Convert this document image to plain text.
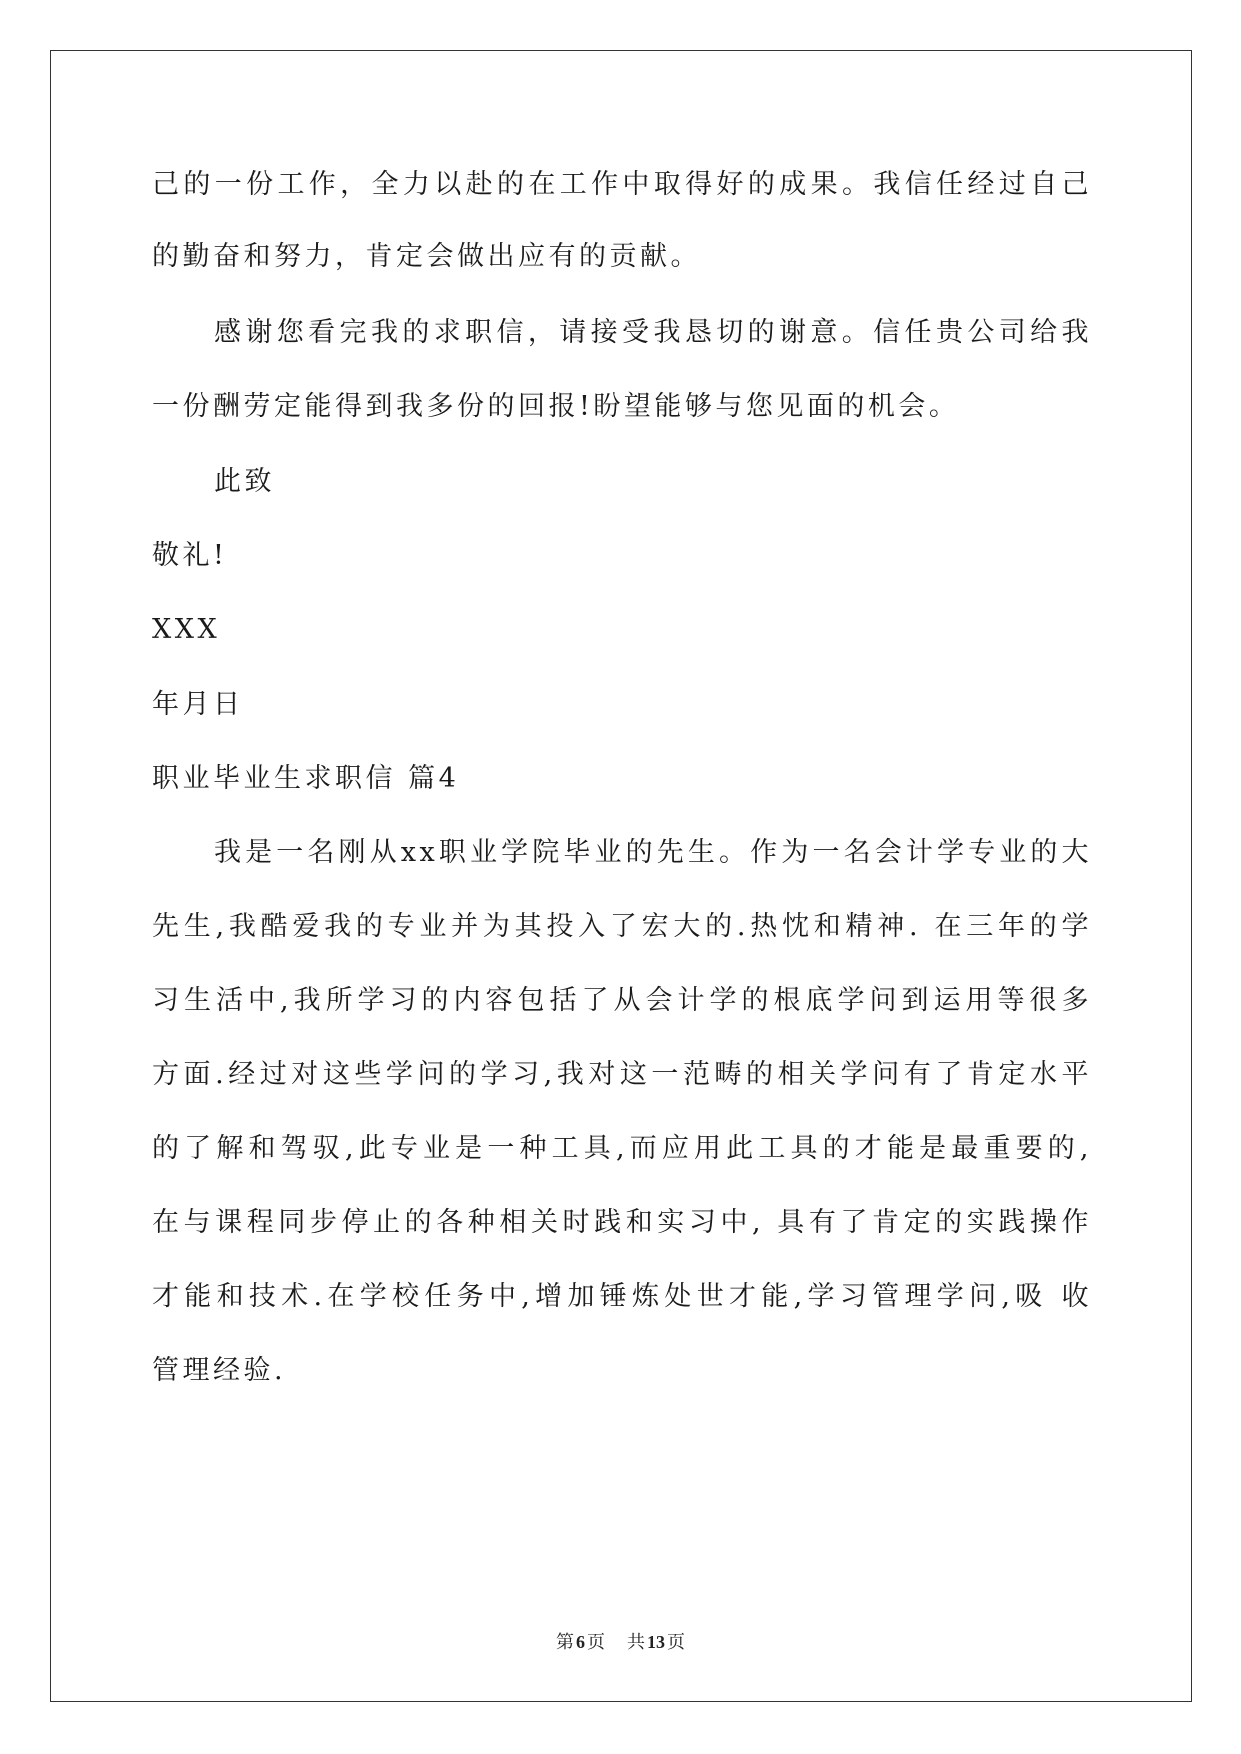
己的一份工作，全力以赴的在工作中取得好的成果。我信任经过自己
的勤奋和努力，肯定会做出应有的贡献。
感谢您看完我的求职信，请接受我恳切的谢意。信任贵公司给我
一份酬劳定能得到我多份的回报!盼望能够与您见面的机会。
此致
敬礼!
XXX
年月日
职业毕业生求职信 篇4
我是一名刚从xx职业学院毕业的先生。作为一名会计学专业的大
先生,我酷爱我的专业并为其投入了宏大的.热忱和精神. 在三年的学
习生活中,我所学习的内容包括了从会计学的根底学问到运用等很多
方面.经过对这些学问的学习,我对这一范畴的相关学问有了肯定水平
的了解和驾驭,此专业是一种工具,而应用此工具的才能是最重要的,
在与课程同步停止的各种相关时践和实习中, 具有了肯定的实践操作
才能和技术.在学校任务中,增加锤炼处世才能,学习管理学问,吸 收
管理经验.
第 6 页 共 13 页
